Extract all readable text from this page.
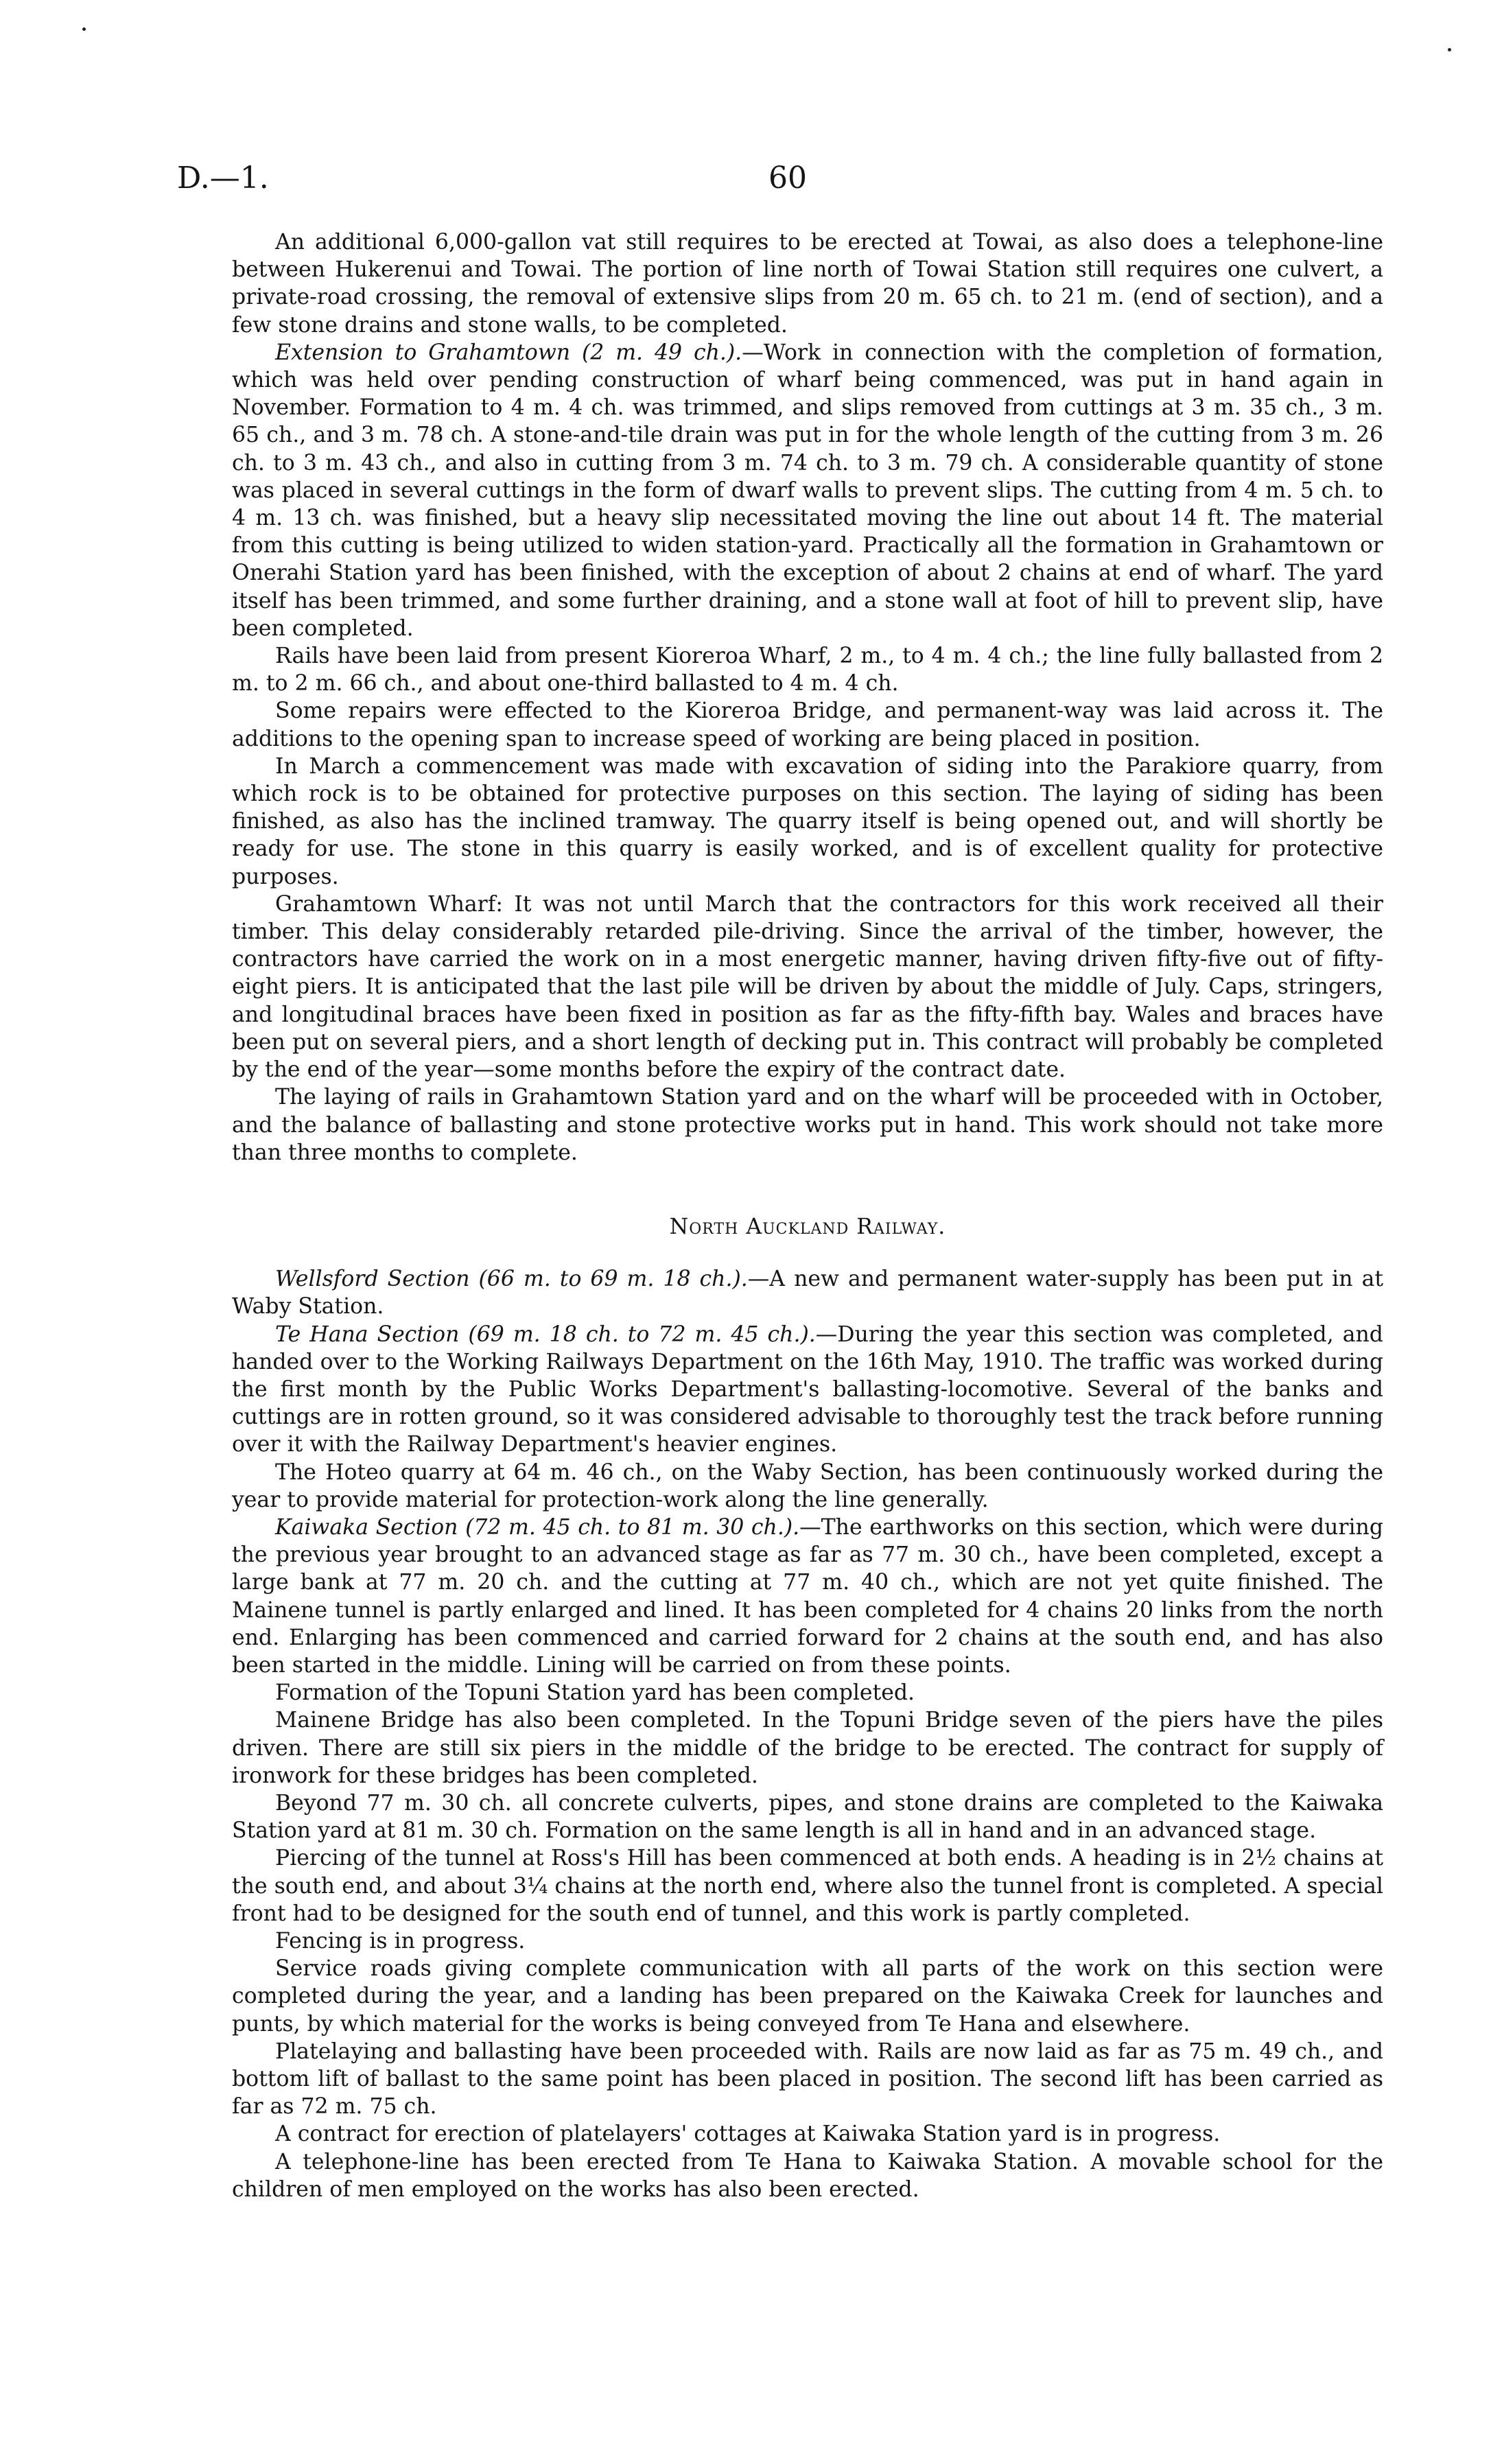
D.—1.	60

An additional 6,000-gallon vat still requires to be erected at Towai, as also does a telephone-line between Hukerenui and Towai. The portion of line north of Towai Station still requires one culvert, a private-road crossing, the removal of extensive slips from 20 m. 65 ch. to 21 m. (end of section), and a few stone drains and stone walls, to be completed.

Extension to Grahamtown (2 m. 49 ch.).—Work in connection with the completion of formation, which was held over pending construction of wharf being commenced, was put in hand again in November. Formation to 4 m. 4 ch. was trimmed, and slips removed from cuttings at 3 m. 35 ch., 3 m. 65 ch., and 3 m. 78 ch. A stone-and-tile drain was put in for the whole length of the cutting from 3 m. 26 ch. to 3 m. 43 ch., and also in cutting from 3 m. 74 ch. to 3 m. 79 ch. A considerable quantity of stone was placed in several cuttings in the form of dwarf walls to prevent slips. The cutting from 4 m. 5 ch. to 4 m. 13 ch. was finished, but a heavy slip necessitated moving the line out about 14 ft. The material from this cutting is being utilized to widen station-yard. Practically all the formation in Grahamtown or Onerahi Station yard has been finished, with the exception of about 2 chains at end of wharf. The yard itself has been trimmed, and some further draining, and a stone wall at foot of hill to prevent slip, have been completed.

Rails have been laid from present Kioreroa Wharf, 2 m., to 4 m. 4 ch.; the line fully ballasted from 2 m. to 2 m. 66 ch., and about one-third ballasted to 4 m. 4 ch.

Some repairs were effected to the Kioreroa Bridge, and permanent-way was laid across it. The additions to the opening span to increase speed of working are being placed in position.

In March a commencement was made with excavation of siding into the Parakiore quarry, from which rock is to be obtained for protective purposes on this section. The laying of siding has been finished, as also has the inclined tramway. The quarry itself is being opened out, and will shortly be ready for use. The stone in this quarry is easily worked, and is of excellent quality for protective purposes.

Grahamtown Wharf: It was not until March that the contractors for this work received all their timber. This delay considerably retarded pile-driving. Since the arrival of the timber, however, the contractors have carried the work on in a most energetic manner, having driven fifty-five out of fifty-eight piers. It is anticipated that the last pile will be driven by about the middle of July. Caps, stringers, and longitudinal braces have been fixed in position as far as the fifty-fifth bay. Wales and braces have been put on several piers, and a short length of decking put in. This contract will probably be completed by the end of the year—some months before the expiry of the contract date.

The laying of rails in Grahamtown Station yard and on the wharf will be proceeded with in October, and the balance of ballasting and stone protective works put in hand. This work should not take more than three months to complete.

North Auckland Railway.

Wellsford Section (66 m. to 69 m. 18 ch.).—A new and permanent water-supply has been put in at Waby Station.

Te Hana Section (69 m. 18 ch. to 72 m. 45 ch.).—During the year this section was completed, and handed over to the Working Railways Department on the 16th May, 1910. The traffic was worked during the first month by the Public Works Department's ballasting-locomotive. Several of the banks and cuttings are in rotten ground, so it was considered advisable to thoroughly test the track before running over it with the Railway Department's heavier engines.

The Hoteo quarry at 64 m. 46 ch., on the Waby Section, has been continuously worked during the year to provide material for protection-work along the line generally.

Kaiwaka Section (72 m. 45 ch. to 81 m. 30 ch.).—The earthworks on this section, which were during the previous year brought to an advanced stage as far as 77 m. 30 ch., have been completed, except a large bank at 77 m. 20 ch. and the cutting at 77 m. 40 ch., which are not yet quite finished. The Mainene tunnel is partly enlarged and lined. It has been completed for 4 chains 20 links from the north end. Enlarging has been commenced and carried forward for 2 chains at the south end, and has also been started in the middle. Lining will be carried on from these points.

Formation of the Topuni Station yard has been completed.

Mainene Bridge has also been completed. In the Topuni Bridge seven of the piers have the piles driven. There are still six piers in the middle of the bridge to be erected. The contract for supply of ironwork for these bridges has been completed.

Beyond 77 m. 30 ch. all concrete culverts, pipes, and stone drains are completed to the Kaiwaka Station yard at 81 m. 30 ch. Formation on the same length is all in hand and in an advanced stage.

Piercing of the tunnel at Ross's Hill has been commenced at both ends. A heading is in 2½ chains at the south end, and about 3¼ chains at the north end, where also the tunnel front is completed. A special front had to be designed for the south end of tunnel, and this work is partly completed.

Fencing is in progress.

Service roads giving complete communication with all parts of the work on this section were completed during the year, and a landing has been prepared on the Kaiwaka Creek for launches and punts, by which material for the works is being conveyed from Te Hana and elsewhere.

Platelaying and ballasting have been proceeded with. Rails are now laid as far as 75 m. 49 ch., and bottom lift of ballast to the same point has been placed in position. The second lift has been carried as far as 72 m. 75 ch.

A contract for erection of platelayers' cottages at Kaiwaka Station yard is in progress.

A telephone-line has been erected from Te Hana to Kaiwaka Station. A movable school for the children of men employed on the works has also been erected.
